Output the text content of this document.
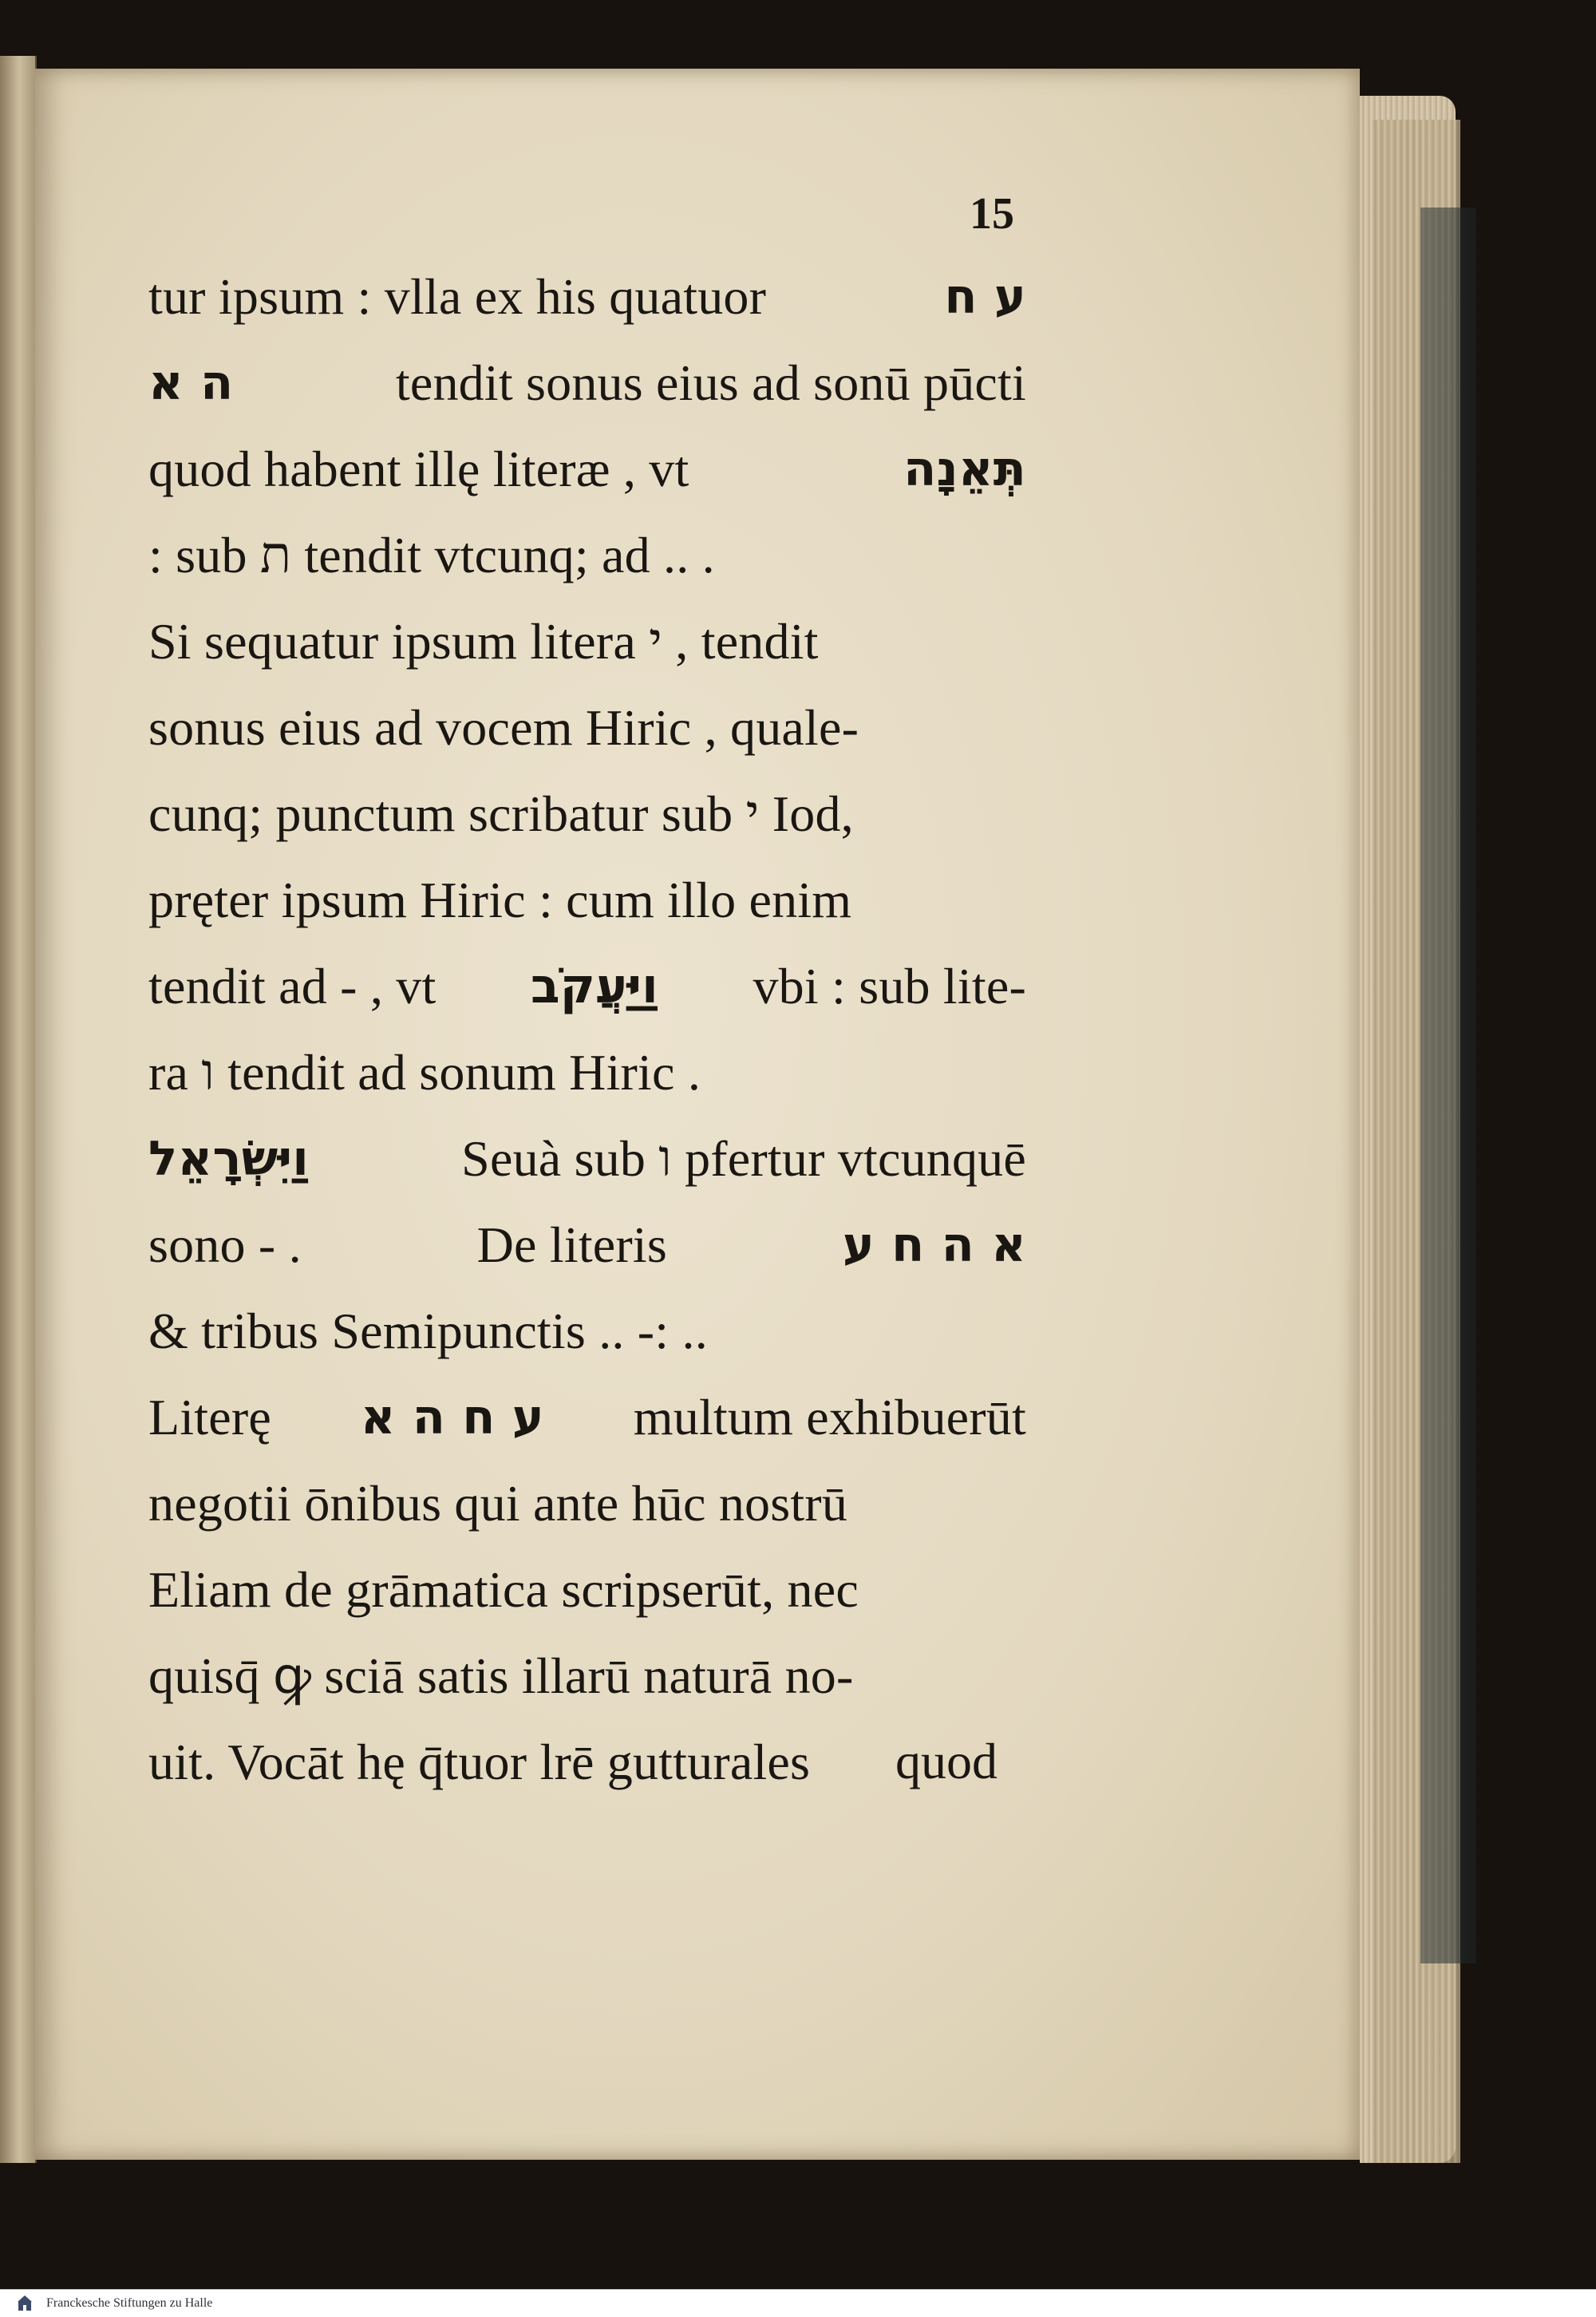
15
tur ipsum : vlla ex his quatuor	ע ח
ה א	tendit sonus eius ad sonū pūcti
quod habent illę literæ , vt	תְּאֵנָה
: sub ת tendit vtcunq; ad .. .
Si sequatur ipsum litera י , tendit
sonus eius ad vocem Hiric , quale-
cunq; punctum scribatur sub י Iod,
pręter ipsum Hiric : cum illo enim
tendit ad - , vt וַיַּעֲקֹב vbi : sub lite-
ra ו tendit ad sonum Hiric .
וַיִּשְׂרָאֵל	Seuà sub ו pfertur vtcunquē
sono - .	De literis	א ה ח ע
& tribus Semipunctis .. -: ..
Literę ע ח ה א multum exhibuerūt
negotii ōnibus qui ante hūc nostrū
Eliam de grāmatica scripserūt, nec
quisq̄ ꝙ sciā satis illarū naturā no-
uit. Vocāt hę q̄tuor lrē gutturales	quod
Franckesche Stiftungen zu Halle
